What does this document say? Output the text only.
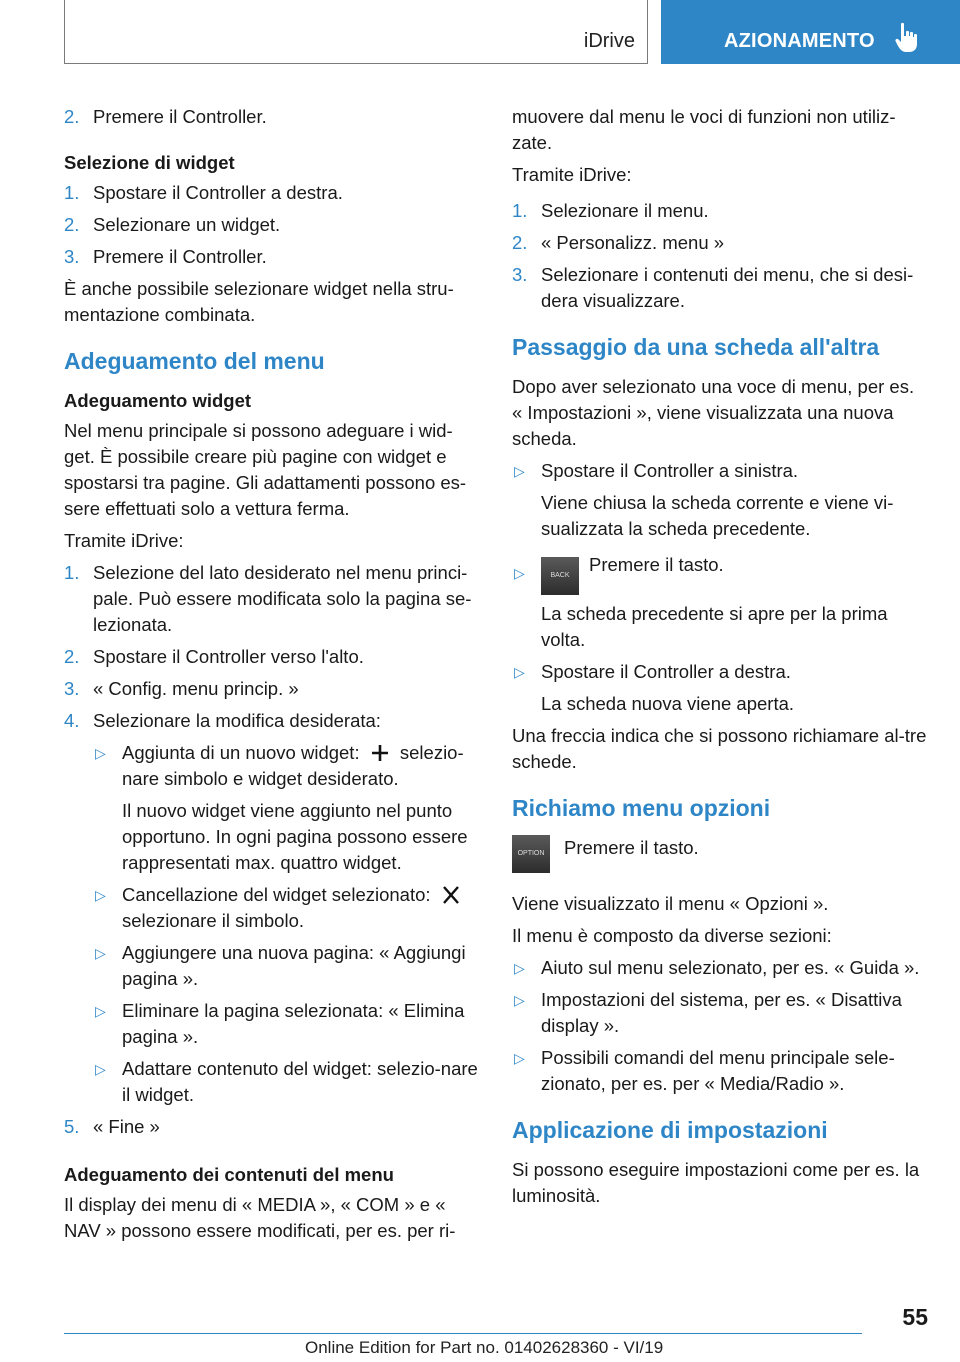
iDrive	AZIONAMENTO
2. Premere il Controller.

Selezione di widget

1. Spostare il Controller a destra.
2. Selezionare un widget.
3. Premere il Controller.

È anche possibile selezionare widget nella stru-mentazione combinata.

Adeguamento del menu

Adeguamento widget

Nel menu principale si possono adeguare i wid-get. È possibile creare più pagine con widget e spostarsi tra pagine. Gli adattamenti possono es-sere effettuati solo a vettura ferma.

Tramite iDrive:

1. Selezione del lato desiderato nel menu princi-pale. Può essere modificata solo la pagina se-lezionata.
2. Spostare il Controller verso l'alto.
3. « Config. menu princip. »
4. Selezionare la modifica desiderata:
▷ Aggiunta di un nuovo widget: selezio-nare simbolo e widget desiderato.

Il nuovo widget viene aggiunto nel punto opportuno. In ogni pagina possono essere rappresentati max. quattro widget.

▷ Cancellazione del widget selezionato:  selezionare il simbolo.
▷ Aggiungere una nuova pagina: « Aggiungi pagina ».
▷ Eliminare la pagina selezionata: « Elimina pagina ».
▷ Adattare contenuto del widget: selezio-nare il widget.
5. « Fine »

Adeguamento dei contenuti del menu

Il display dei menu di « MEDIA », « COM » e « NAV » possono essere modificati, per es. per ri-

muovere dal menu le voci di funzioni non utiliz-zate.

Tramite iDrive:

1. Selezionare il menu.
2. « Personalizz. menu »
3. Selezionare i contenuti dei menu, che si desi-dera visualizzare.
Passaggio da una scheda all'altra

Dopo aver selezionato una voce di menu, per es. « Impostazioni », viene visualizzata una nuova scheda.

▷ Spostare il Controller a sinistra.

Viene chiusa la scheda corrente e viene vi-sualizzata la scheda precedente.

▷	BACKPremere il tasto.

La scheda precedente si apre per la prima volta.

▷ Spostare il Controller a destra.

La scheda nuova viene aperta.

Una freccia indica che si possono richiamare al-tre schede.

Richiamo menu opzioni
OPTION	Premere il tasto.

Viene visualizzato il menu « Opzioni ».

Il menu è composto da diverse sezioni:

▷ Aiuto sul menu selezionato, per es. « Guida ».
▷ Impostazioni del sistema, per es. « Disattiva display ».
▷ Possibili comandi del menu principale sele-zionato, per es. per « Media/Radio ».
Applicazione di impostazioni

Si possono eseguire impostazioni come per es. la luminosità.

55
Online Edition for Part no. 01402628360 - VI/19
